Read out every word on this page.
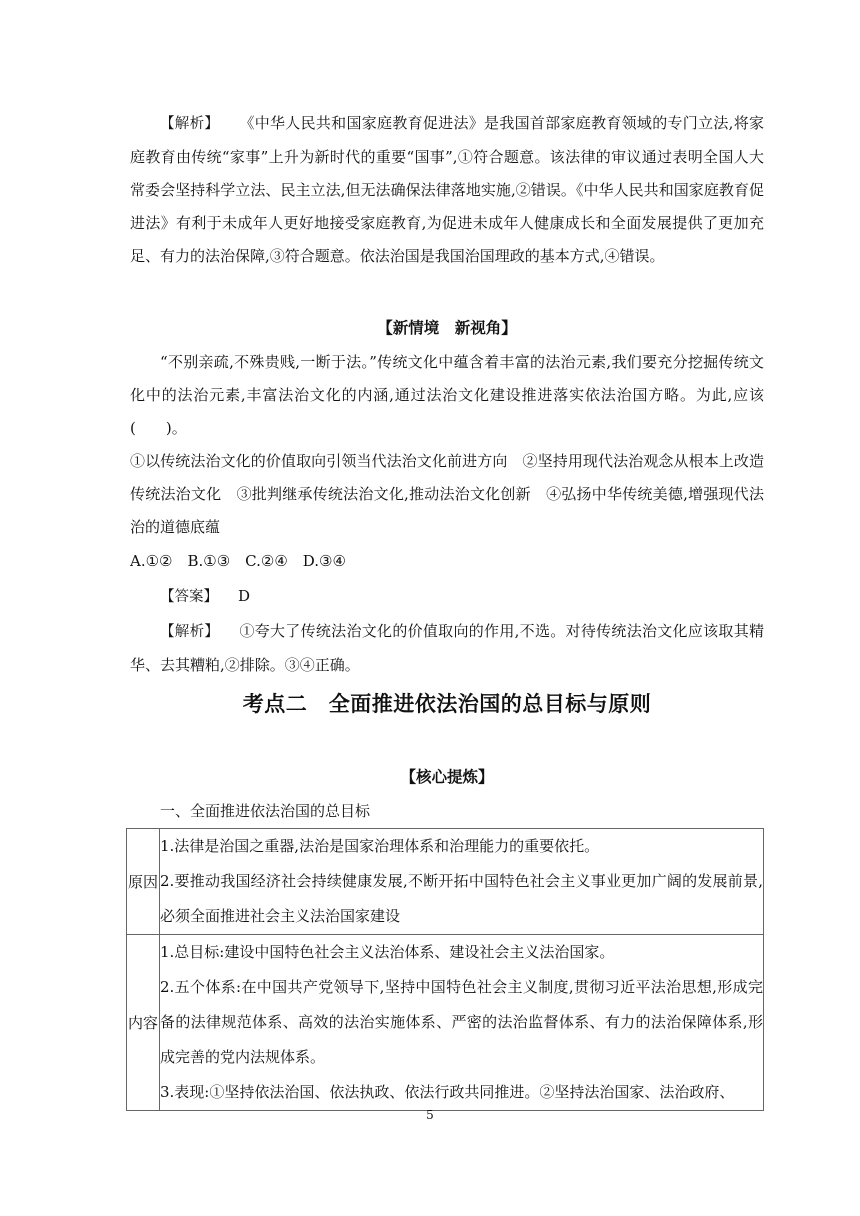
【解析】 《中华人民共和国家庭教育促进法》是我国首部家庭教育领域的专门立法,将家庭教育由传统“家事”上升为新时代的重要“国事”,①符合题意。该法律的审议通过表明全国人大常委会坚持科学立法、民主立法,但无法确保法律落地实施,②错误。《中华人民共和国家庭教育促进法》有利于未成年人更好地接受家庭教育,为促进未成年人健康成长和全面发展提供了更加充足、有力的法治保障,③符合题意。依法治国是我国治国理政的基本方式,④错误。

【新情境　新视角】

“不别亲疏,不殊贵贱,一断于法。”传统文化中蕴含着丰富的法治元素,我们要充分挖掘传统文化中的法治元素,丰富法治文化的内涵,通过法治文化建设推进落实依法治国方略。为此,应该(　　)。

①以传统法治文化的价值取向引领当代法治文化前进方向　②坚持用现代法治观念从根本上改造传统法治文化　③批判继承传统法治文化,推动法治文化创新　④弘扬中华传统美德,增强现代法治的道德底蕴

A.①②　B.①③　C.②④　D.③④

【答案】 D

【解析】 ①夸大了传统法治文化的价值取向的作用,不选。对待传统法治文化应该取其精华、去其糟粕,②排除。③④正确。

考点二　全面推进依法治国的总目标与原则
【核心提炼】

一、全面推进依法治国的总目标

原因	1.法律是治国之重器,法治是国家治理体系和治理能力的重要依托。

2.要推动我国经济社会持续健康发展,不断开拓中国特色社会主义事业更加广阔的发展前景,必须全面推进社会主义法治国家建设

内容	1.总目标:建设中国特色社会主义法治体系、建设社会主义法治国家。

2.五个体系:在中国共产党领导下,坚持中国特色社会主义制度,贯彻习近平法治思想,形成完备的法律规范体系、高效的法治实施体系、严密的法治监督体系、有力的法治保障体系,形成完善的党内法规体系。

3.表现:①坚持依法治国、依法执政、依法行政共同推进。②坚持法治国家、法治政府、

5
